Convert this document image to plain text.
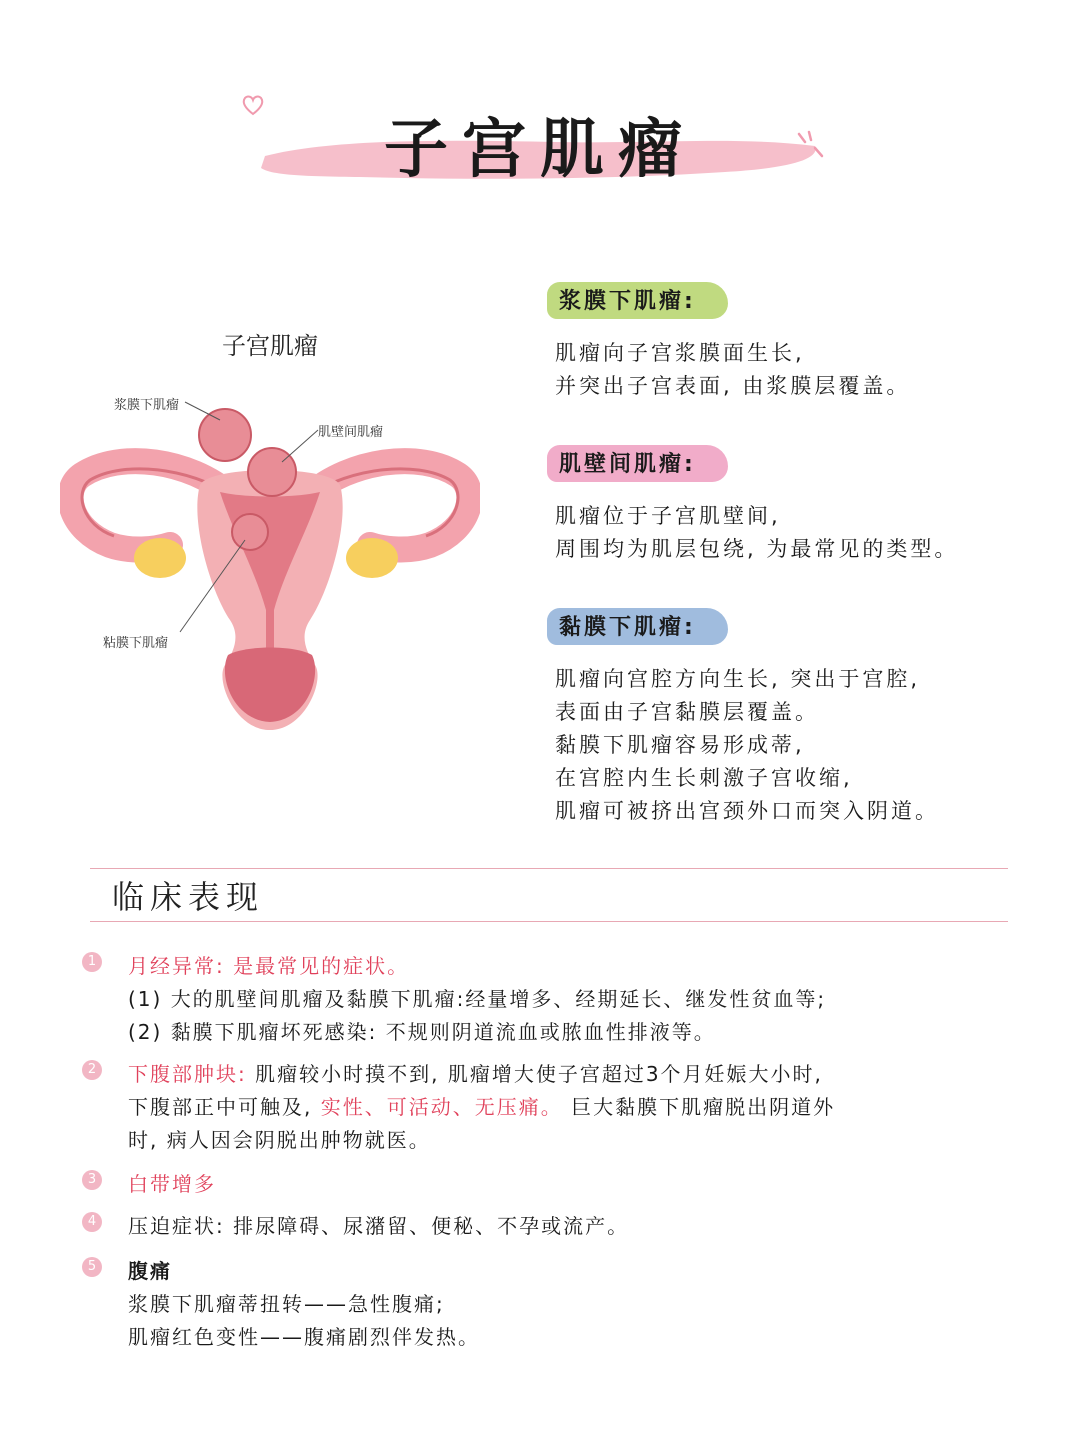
子宫肌瘤
子宫肌瘤
浆膜下肌瘤
肌壁间肌瘤
粘膜下肌瘤
浆膜下肌瘤:
肌瘤向子宫浆膜面生长,
并突出子宫表面, 由浆膜层覆盖。
肌壁间肌瘤:
肌瘤位于子宫肌壁间,
周围均为肌层包绕, 为最常见的类型。
黏膜下肌瘤:
肌瘤向宫腔方向生长, 突出于宫腔,
表面由子宫黏膜层覆盖。
黏膜下肌瘤容易形成蒂,
在宫腔内生长刺激子宫收缩,
肌瘤可被挤出宫颈外口而突入阴道。
临床表现
1 月经异常: 是最常见的症状。
(1) 大的肌壁间肌瘤及黏膜下肌瘤:经量增多、经期延长、继发性贫血等;
(2) 黏膜下肌瘤坏死感染: 不规则阴道流血或脓血性排液等。
2 下腹部肿块: 肌瘤较小时摸不到, 肌瘤增大使子宫超过3个月妊娠大小时,
下腹部正中可触及, 实性、可活动、无压痛。 巨大黏膜下肌瘤脱出阴道外
时, 病人因会阴脱出肿物就医。
3 白带增多
4 压迫症状: 排尿障碍、尿潴留、便秘、不孕或流产。
5 腹痛
浆膜下肌瘤蒂扭转——急性腹痛;
肌瘤红色变性——腹痛剧烈伴发热。
